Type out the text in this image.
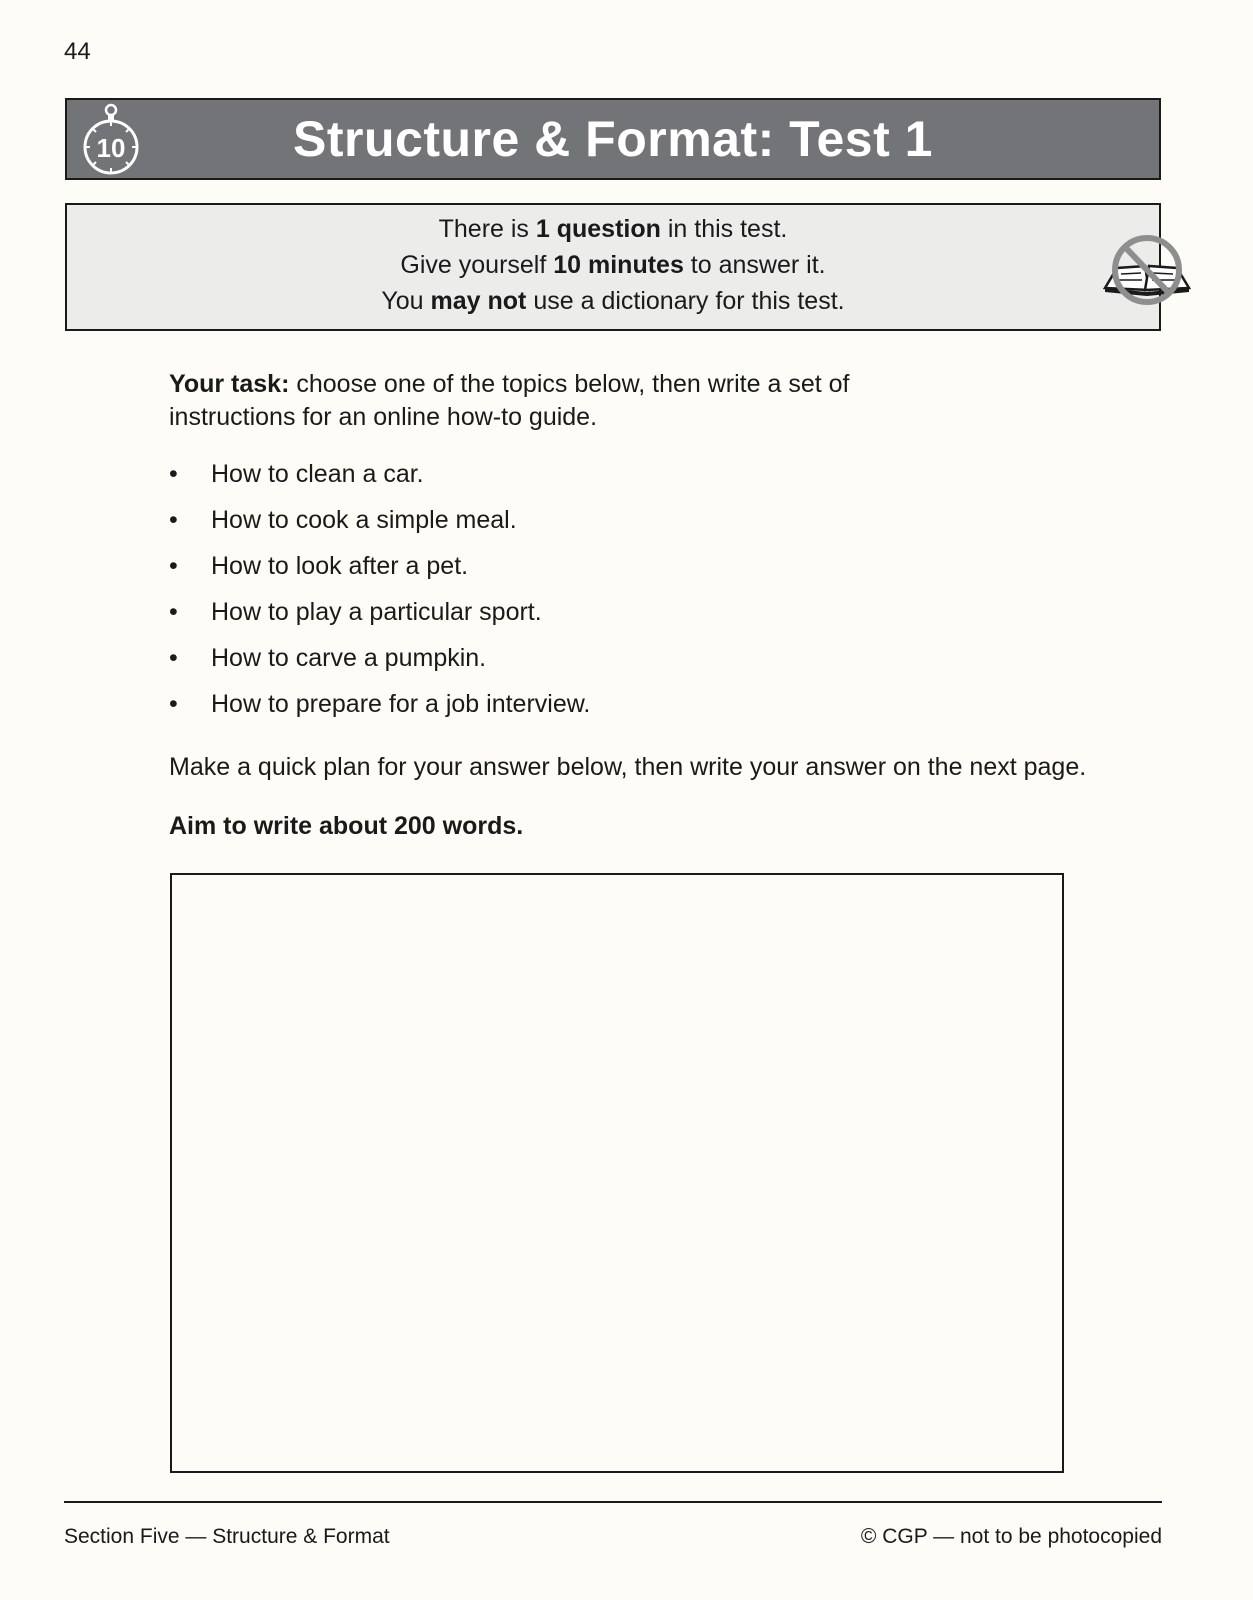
44
10	Structure & Format: Test 1
There is 1 question in this test.
Give yourself 10 minutes to answer it.
You may not use a dictionary for this test.
Your task: choose one of the topics below, then write a set of instructions for an online how-to guide.
• How to clean a car.
• How to cook a simple meal.
• How to look after a pet.
• How to play a particular sport.
• How to carve a pumpkin.
• How to prepare for a job interview.
Make a quick plan for your answer below, then write your answer on the next page.
Aim to write about 200 words.
Section Five — Structure & Format	© CGP — not to be photocopied
